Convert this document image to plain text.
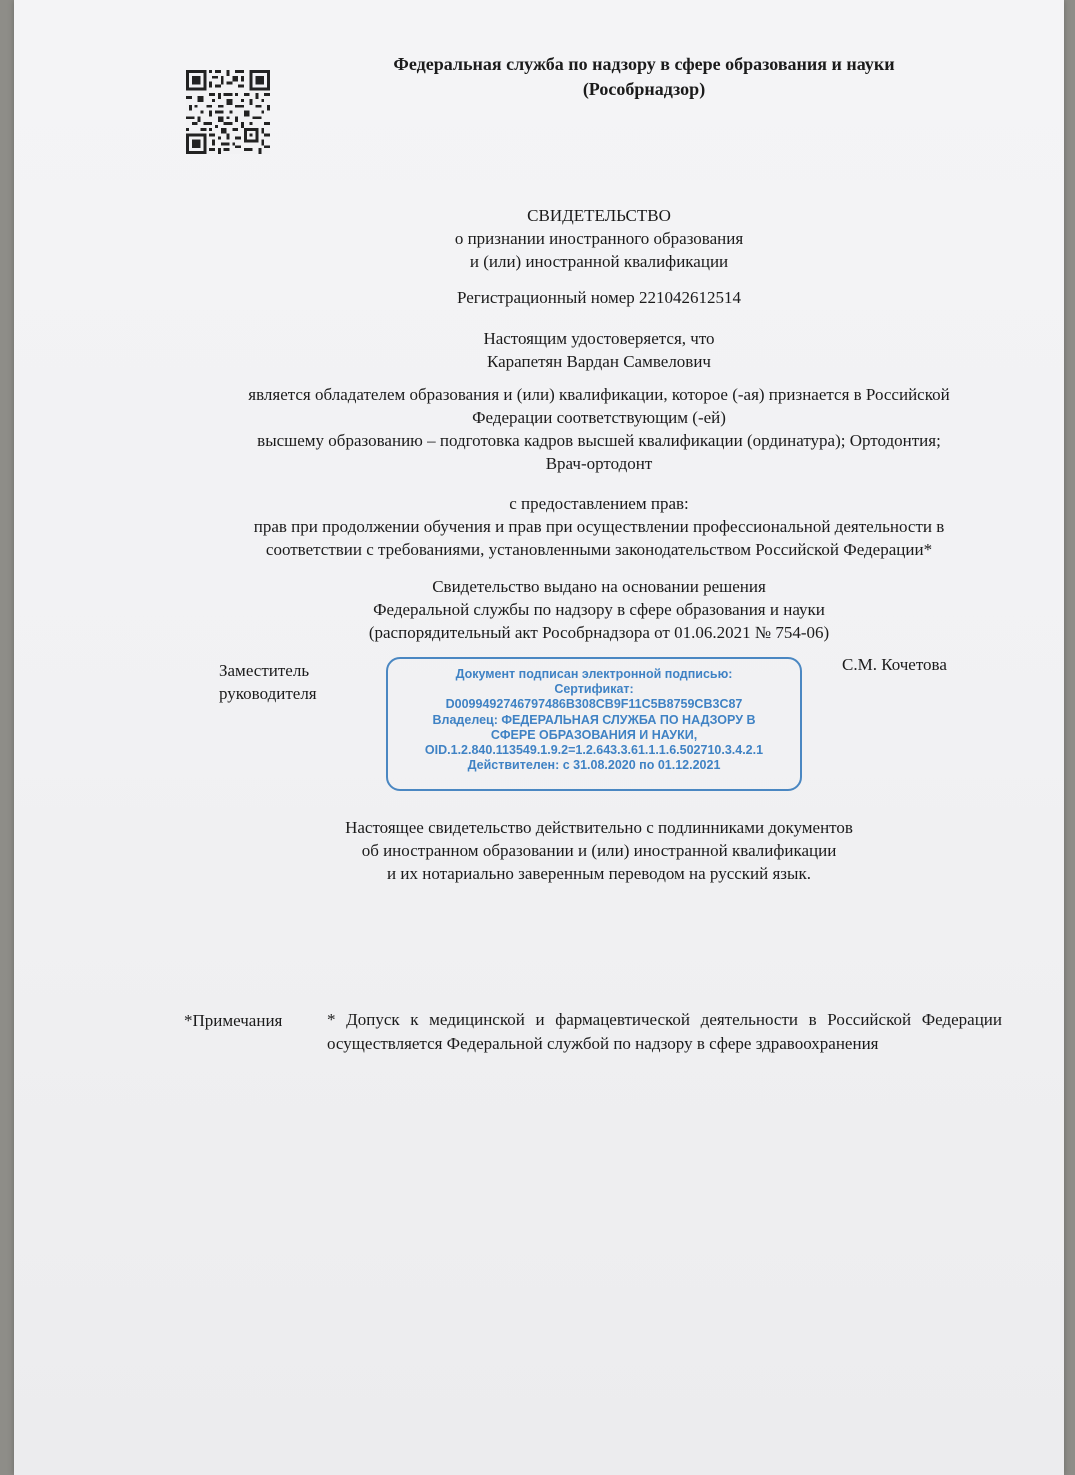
Федеральная служба по надзору в сфере образования и науки
(Рособрнадзор)
СВИДЕТЕЛЬСТВО
о признании иностранного образования
и (или) иностранной квалификации
Регистрационный номер 221042612514
Настоящим удостоверяется, что
Карапетян Вардан Самвелович
является обладателем образования и (или) квалификации, которое (-ая) признается в Российской
Федерации соответствующим (-ей)
высшему образованию – подготовка кадров высшей квалификации (ординатура); Ортодонтия;
Врач-ортодонт
с предоставлением прав:
прав при продолжении обучения и прав при осуществлении профессиональной деятельности в
соответствии с требованиями, установленными законодательством Российской Федерации*
Свидетельство выдано на основании решения
Федеральной службы по надзору в сфере образования и науки
(распорядительный акт Рособрнадзора от 01.06.2021 № 754-06)
Заместитель
руководителя
Документ подписан электронной подписью:
Сертификат:
D0099492746797486B308CB9F11C5B8759CB3C87
Владелец: ФЕДЕРАЛЬНАЯ СЛУЖБА ПО НАДЗОРУ В
СФЕРЕ ОБРАЗОВАНИЯ И НАУКИ,
OID.1.2.840.113549.1.9.2=1.2.643.3.61.1.1.6.502710.3.4.2.1
Действителен: с 31.08.2020 по 01.12.2021
С.М. Кочетова
Настоящее свидетельство действительно с подлинниками документов
об иностранном образовании и (или) иностранной квалификации
и их нотариально заверенным переводом на русский язык.
*Примечания	* Допуск к медицинской и фармацевтической деятельности в Российской Федерации осуществляется Федеральной службой по надзору в сфере здравоохранения
